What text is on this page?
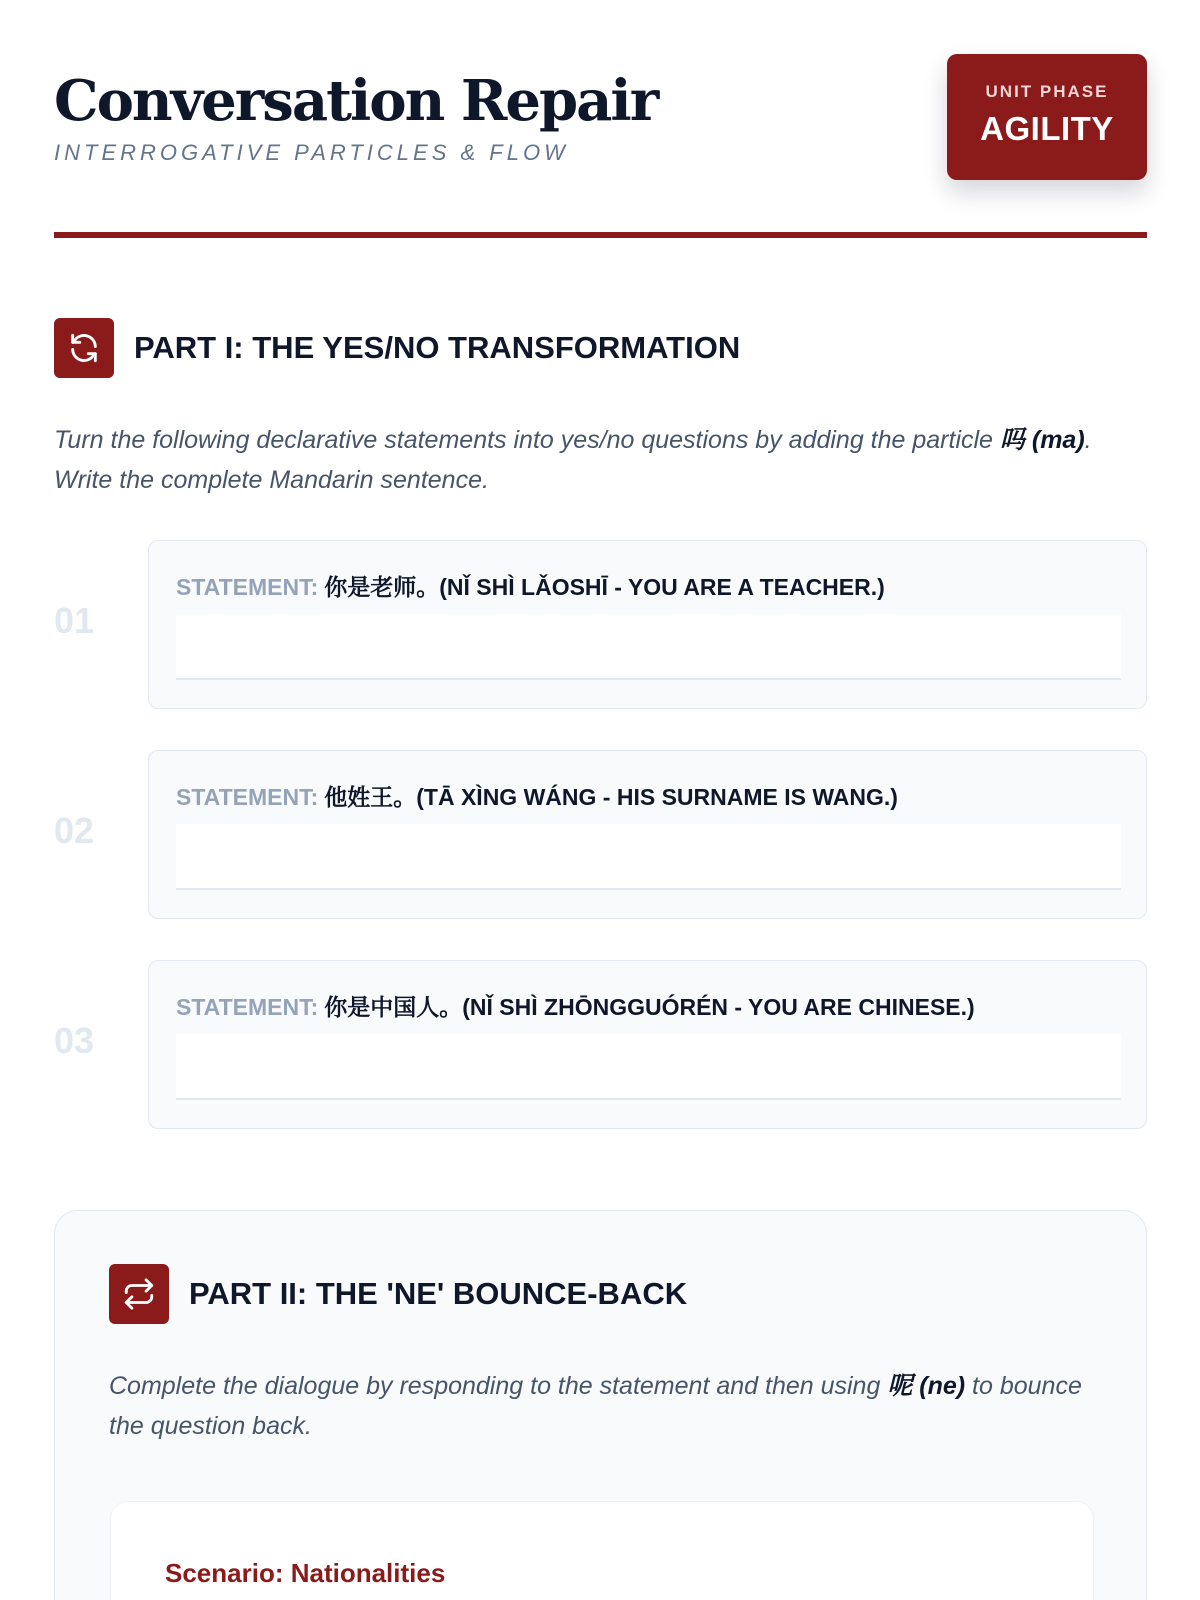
Conversation Repair
INTERROGATIVE PARTICLES & FLOW
UNIT PHASE
AGILITY
PART I: THE YES/NO TRANSFORMATION
Turn the following declarative statements into yes/no questions by adding the particle 吗 (ma). Write the complete Mandarin sentence.
01
STATEMENT: 你是老师。(NǏ SHÌ LǍOSHĪ - YOU ARE A TEACHER.)
02
STATEMENT: 他姓王。(TĀ XÌNG WÁNG - HIS SURNAME IS WANG.)
03
STATEMENT: 你是中国人。(NǏ SHÌ ZHŌNGGUÓRÉN - YOU ARE CHINESE.)
PART II: THE 'NE' BOUNCE-BACK
Complete the dialogue by responding to the statement and then using 呢 (ne) to bounce the question back.
Scenario: Nationalities
